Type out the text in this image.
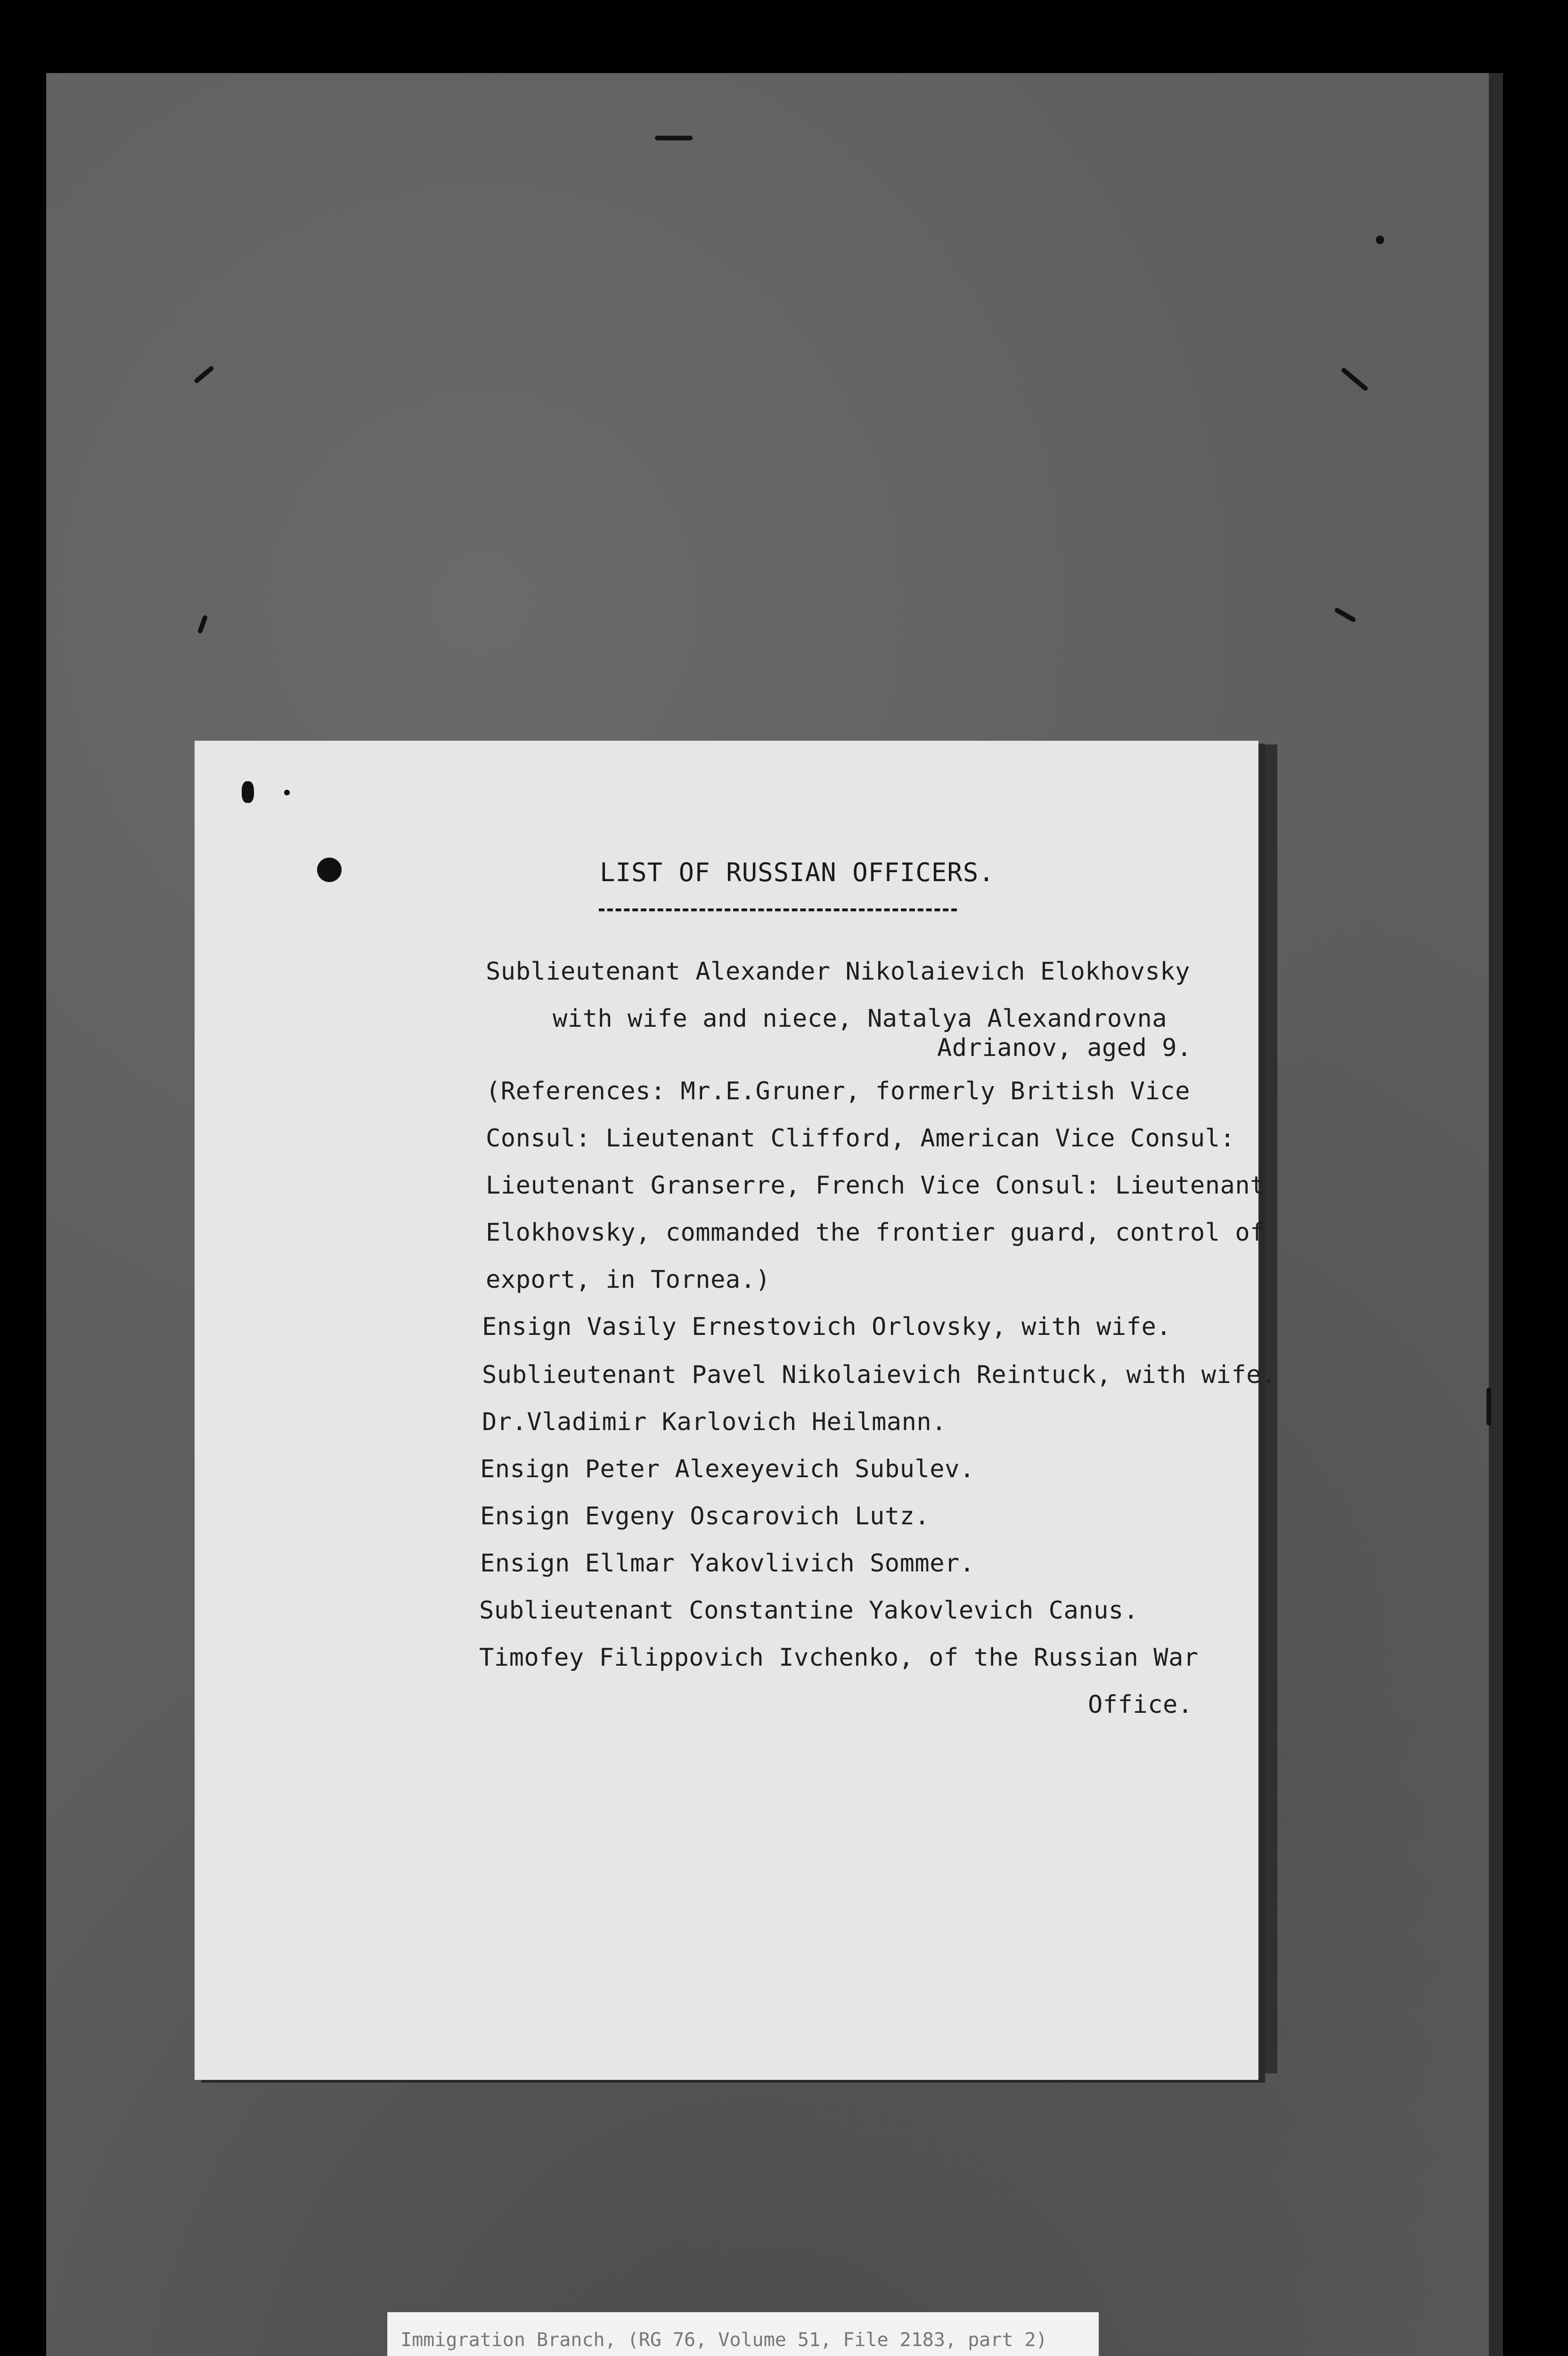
LIST OF RUSSIAN OFFICERS.
Sublieutenant Alexander Nikolaievich Elokhovsky
with wife and niece, Natalya Alexandrovna
Adrianov, aged 9.
(References: Mr.E.Gruner, formerly British Vice
Consul: Lieutenant Clifford, American Vice Consul:
Lieutenant Granserre, French Vice Consul: Lieutenant
Elokhovsky, commanded the frontier guard, control of
export, in Tornea.)
Ensign Vasily Ernestovich Orlovsky, with wife.
Sublieutenant Pavel Nikolaievich Reintuck, with wife.
Dr.Vladimir Karlovich Heilmann.
Ensign Peter Alexeyevich Subulev.
Ensign Evgeny Oscarovich Lutz.
Ensign Ellmar Yakovlivich Sommer.
Sublieutenant Constantine Yakovlevich Canus.
Timofey Filippovich Ivchenko, of the Russian War
Office.
Immigration Branch, (RG 76, Volume 51, File 2183, part 2)
